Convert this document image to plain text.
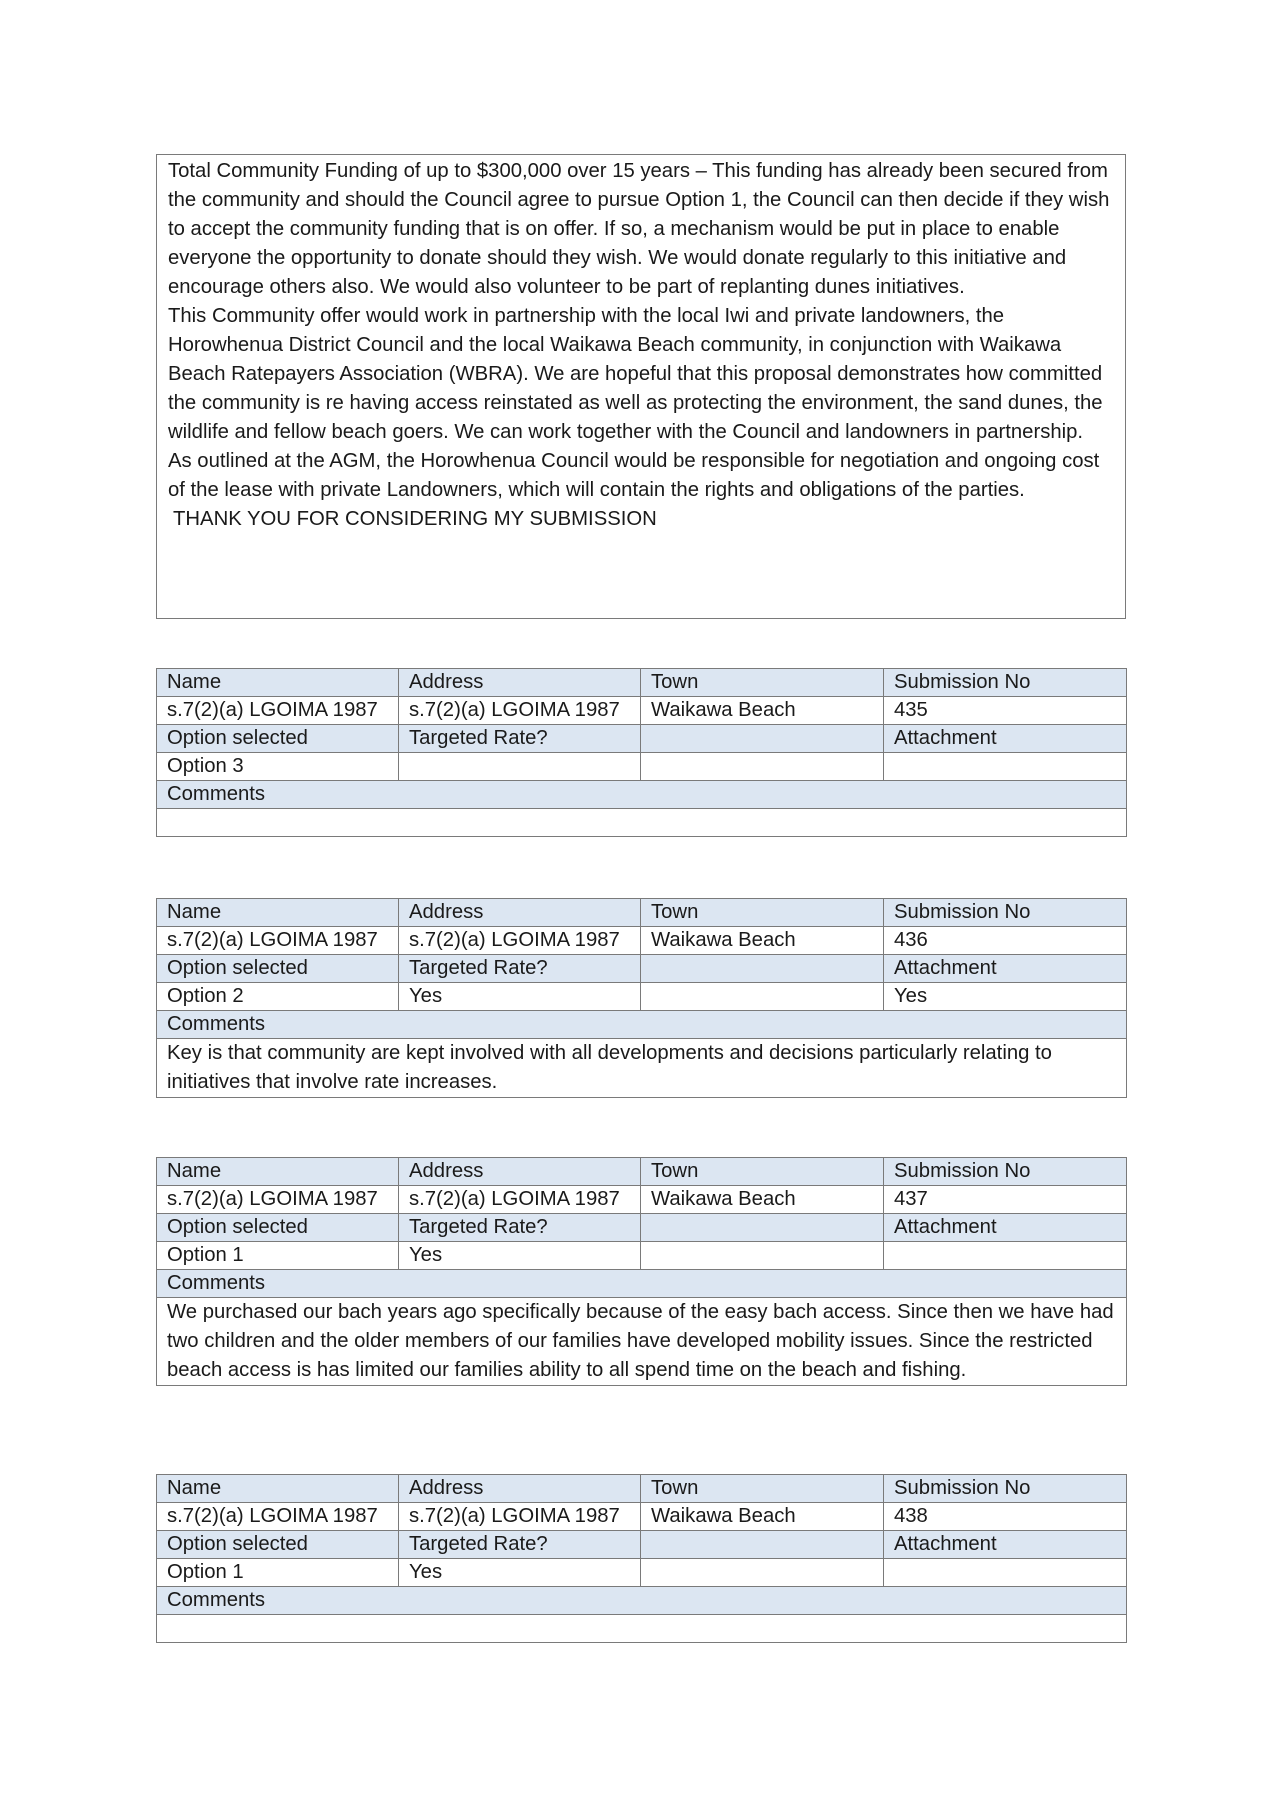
Total Community Funding of up to $300,000 over 15 years – This funding has already been secured from the community and should the Council agree to pursue Option 1, the Council can then decide if they wish to accept the community funding that is on offer. If so, a mechanism would be put in place to enable everyone the opportunity to donate should they wish. We would donate regularly to this initiative and encourage others also. We would also volunteer to be part of replanting dunes initiatives.

This Community offer would work in partnership with the local Iwi and private landowners, the Horowhenua District Council and the local Waikawa Beach community, in conjunction with Waikawa Beach Ratepayers Association (WBRA). We are hopeful that this proposal demonstrates how committed the community is re having access reinstated as well as protecting the environment, the sand dunes, the wildlife and fellow beach goers. We can work together with the Council and landowners in partnership.

As outlined at the AGM, the Horowhenua Council would be responsible for negotiation and ongoing cost of the lease with private Landowners, which will contain the rights and obligations of the parties.

THANK YOU FOR CONSIDERING MY SUBMISSION

Name	Address	Town	Submission No
s.7(2)(a) LGOIMA 1987	s.7(2)(a) LGOIMA 1987	Waikawa Beach	435
Option selected	Targeted Rate?		Attachment
Option 3			
Comments			

Name	Address	Town	Submission No
s.7(2)(a) LGOIMA 1987	s.7(2)(a) LGOIMA 1987	Waikawa Beach	436
Option selected	Targeted Rate?		Attachment
Option 2	Yes		Yes
Comments			
Key is that community are kept involved with all developments and decisions particularly relating to initiatives that involve rate increases.			
Name	Address	Town	Submission No
s.7(2)(a) LGOIMA 1987	s.7(2)(a) LGOIMA 1987	Waikawa Beach	437
Option selected	Targeted Rate?		Attachment
Option 1	Yes		
Comments			
We purchased our bach years ago specifically because of the easy bach access. Since then we have had two children and the older members of our families have developed mobility issues. Since the restricted beach access is has limited our families ability to all spend time on the beach and fishing.			
Name	Address	Town	Submission No
s.7(2)(a) LGOIMA 1987	s.7(2)(a) LGOIMA 1987	Waikawa Beach	438
Option selected	Targeted Rate?		Attachment
Option 1	Yes		
Comments			
